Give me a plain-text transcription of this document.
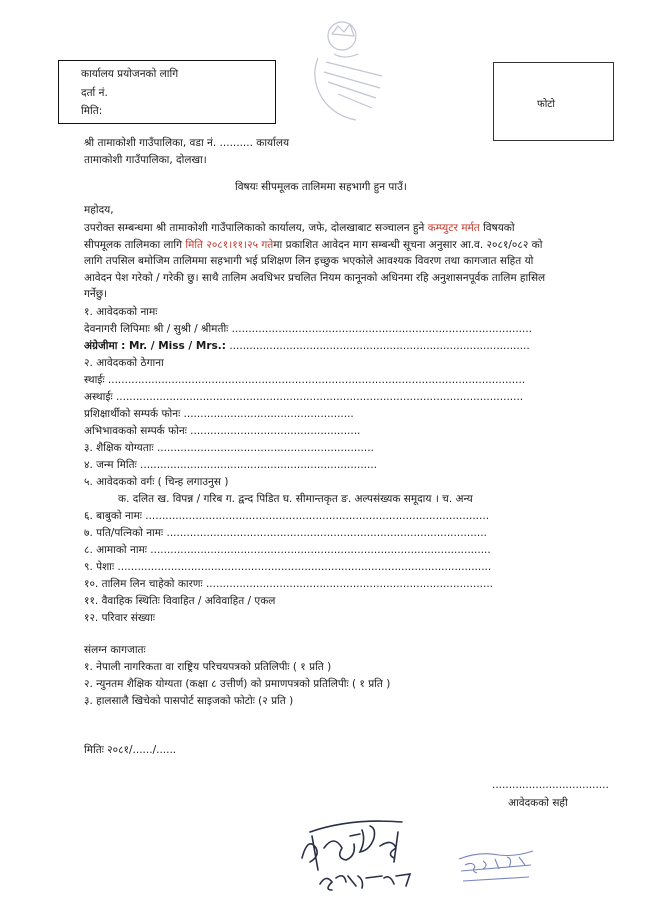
कार्यालय प्रयोजनको लागि
दर्ता नं.
मिति:
फोटो
श्री तामाकोशी गाउँपालिका, वडा नं. .......... कार्यालय
तामाकोशी गाउँपालिका, दोलखा।
विषयः सीपमूलक तालिममा सहभागी हुन पाउँ।
महोदय,
उपरोक्त सम्बन्धमा श्री तामाकोशी गाउँपालिकाको कार्यालय, जफे, दोलखाबाट सञ्चालन हुने कम्प्युटर मर्मत विषयको सीपमूलक तालिमका लागि मिति २०८१।११।२५ गतेमा प्रकाशित आवेदन माग सम्बन्धी सूचना अनुसार आ.व. २०८१/०८२ को लागि तपसिल बमोजिम तालिममा सहभागी भई प्रशिक्षण लिन इच्छुक भएकोले आवश्यक विवरण तथा कागजात सहित यो आवेदन पेश गरेको / गरेकी छु। साथै तालिम अवधिभर प्रचलित नियम कानूनको अधिनमा रहि अनुशासनपूर्वक तालिम हासिल गर्नेछु।
१. आवेदकको नामः
देवनागरी लिपिमाः श्री / सुश्री / श्रीमतीः ..........................................................................................
अंग्रेजीमा : Mr. / Miss / Mrs.: ..........................................................................................
२. आवेदकको ठेगाना
स्थाईः .............................................................................................................................
अस्थाईः ..........................................................................................................................
प्रशिक्षार्थीको सम्पर्क फोनः ...................................................
अभिभावकको सम्पर्क फोनः ...................................................
३. शैक्षिक योग्यताः .................................................................
४. जन्म मितिः .......................................................................
५. आवेदकको वर्गः ( चिन्ह लगाउनुस )
क. दलित ख. विपन्न / गरिब ग. द्वन्द पिडित घ. सीमान्तकृत ङ. अल्पसंख्यक समूदाय । च. अन्य
६. बाबुको नामः .......................................................................................................
७. पति/पत्निको नामः ................................................................................................
८. आमाको नामः ......................................................................................................
९. पेशाः ................................................................................................................
१०. तालिम लिन चाहेको कारणः ......................................................................................
११. वैवाहिक स्थितिः विवाहित / अविवाहित / एकल
१२. परिवार संख्याः
संलग्न कागजातः
१. नेपाली नागरिकता वा राष्ट्रिय परिचयपत्रको प्रतिलिपीः ( १ प्रति )
२. न्युनतम शैक्षिक योग्यता (कक्षा ८ उत्तीर्ण) को प्रमाणपत्रको प्रतिलिपीः ( १ प्रति )
३. हालसालै खिचेको पासपोर्ट साइजको फोटोः (२ प्रति )
मितिः २०८१/....../......
...................................
आवेदकको सही
